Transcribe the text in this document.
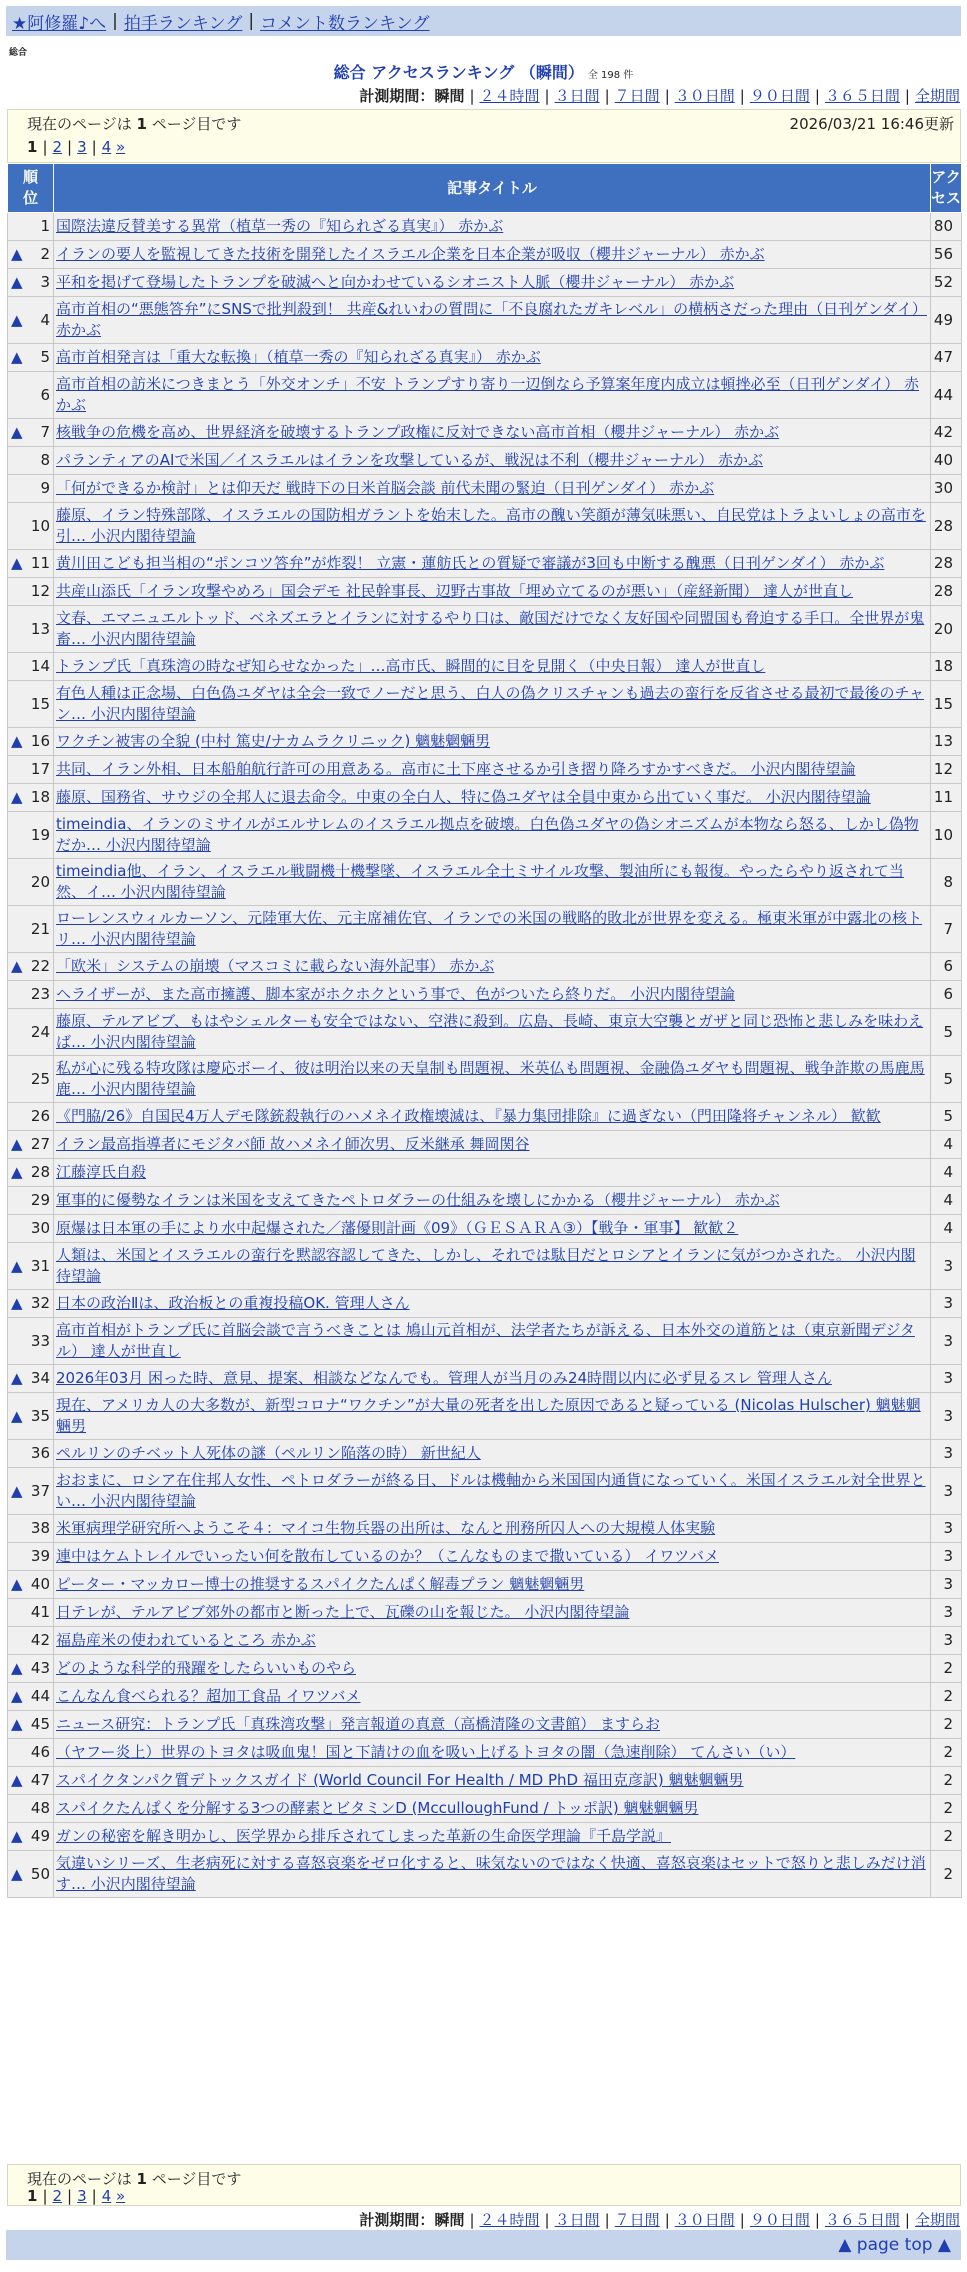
★阿修羅♪へ | 拍手ランキング | コメント数ランキング
総合
総合 アクセスランキング （瞬間） 全 198 件
計測期間：瞬間 | ２４時間 | ３日間 | ７日間 | ３０日間 | ９０日間 | ３６５日間 | 全期間
現在のページは 1 ページ目です	2026/03/21 16:46更新
1 | 2 | 3 | 4 »
順位	記事タイトル	アクセス
1	国際法違反賛美する異常（植草一秀の『知られざる真実』） 赤かぶ	80

▲ 2	イランの要人を監視してきた技術を開発したイスラエル企業を日本企業が吸収（櫻井ジャーナル） 赤かぶ	56

▲ 3	平和を掲げて登場したトランプを破滅へと向かわせているシオニスト人脈（櫻井ジャーナル） 赤かぶ	52

▲ 4	高市首相の“悪態答弁”にSNSで批判殺到！ 共産&れいわの質問に「不良腐れたガキレベル」の横柄さだった理由（日刊ゲンダイ） 赤かぶ	49

▲ 5	高市首相発言は「重大な転換」（植草一秀の『知られざる真実』） 赤かぶ	47
6	高市首相の訪米につきまとう「外交オンチ」不安 トランプすり寄り一辺倒なら予算案年度内成立は頓挫必至（日刊ゲンダイ） 赤かぶ	44

▲ 7	核戦争の危機を高め、世界経済を破壊するトランプ政権に反対できない高市首相（櫻井ジャーナル） 赤かぶ	42
8	パランティアのAIで米国／イスラエルはイランを攻撃しているが、戦況は不利（櫻井ジャーナル） 赤かぶ	40
9	「何ができるか検討」とは仰天だ 戦時下の日米首脳会談 前代未聞の緊迫（日刊ゲンダイ） 赤かぶ	30
10	藤原、イラン特殊部隊、イスラエルの国防相ガラントを始末した。高市の醜い笑顔が薄気味悪い、自民党はトラよいしょの高市を引… 小沢内閣待望論	28

▲ 11	黄川田こども担当相の“ポンコツ答弁”が炸裂！ 立憲・蓮舫氏との質疑で審議が3回も中断する醜悪（日刊ゲンダイ） 赤かぶ	28
12	共産山添氏「イラン攻撃やめろ」国会デモ 社民幹事長、辺野古事故「埋め立てるのが悪い」（産経新聞） 達人が世直し	28
13	文春、エマニュエルトッド、ベネズエラとイランに対するやり口は、敵国だけでなく友好国や同盟国も脅迫する手口。全世界が鬼畜… 小沢内閣待望論	20
14	トランプ氏「真珠湾の時なぜ知らせなかった」…高市氏、瞬間的に目を見開く（中央日報） 達人が世直し	18
15	有色人種は正念場、白色偽ユダヤは全会一致でノーだと思う、白人の偽クリスチャンも過去の蛮行を反省させる最初で最後のチャン… 小沢内閣待望論	15

▲ 16	ワクチン被害の全貌 (中村 篤史/ナカムラクリニック) 魑魅魍魎男	13
17	共同、イラン外相、日本船舶航行許可の用意ある。高市に土下座させるか引き摺り降ろすかすべきだ。 小沢内閣待望論	12

▲ 18	藤原、国務省、サウジの全邦人に退去命令。中東の全白人、特に偽ユダヤは全員中東から出ていく事だ。 小沢内閣待望論	11
19	timeindia、イランのミサイルがエルサレムのイスラエル拠点を破壊。白色偽ユダヤの偽シオニズムが本物なら怒る、しかし偽物だか… 小沢内閣待望論	10
20	timeindia他、イラン、イスラエル戦闘機十機撃墜、イスラエル全土ミサイル攻撃、製油所にも報復。やったらやり返されて当然、イ… 小沢内閣待望論	8
21	ローレンスウィルカーソン、元陸軍大佐、元主席補佐官、イランでの米国の戦略的敗北が世界を変える。極東米軍が中露北の核トリ… 小沢内閣待望論	7

▲ 22	「欧米」システムの崩壊（マスコミに載らない海外記事） 赤かぶ	6
23	ヘライザーが、また高市擁護、脚本家がホクホクという事で、色がついたら終りだ。 小沢内閣待望論	6
24	藤原、テルアビブ、もはやシェルターも安全ではない、空港に殺到。広島、長崎、東京大空襲とガザと同じ恐怖と悲しみを味わえば… 小沢内閣待望論	5
25	私が心に残る特攻隊は慶応ボーイ、彼は明治以来の天皇制も問題視、米英仏も問題視、金融偽ユダヤも問題視、戦争詐欺の馬鹿馬鹿… 小沢内閣待望論	5
26	《門脇/26》自国民4万人デモ隊銃殺執行のハメネイ政権壊滅は、『暴力集団排除』に過ぎない（門田隆将チャンネル） 歓歓	5

▲ 27	イラン最高指導者にモジタバ師 故ハメネイ師次男、反米継承 舞岡関谷	4

▲ 28	江藤淳氏自殺	4
29	軍事的に優勢なイランは米国を支えてきたペトロダラーの仕組みを壊しにかかる（櫻井ジャーナル） 赤かぶ	4
30	原爆は日本軍の手により水中起爆された／藩優則計画《09》（ＧＥＳＡＲＡ③）【戦争・軍事】 歓歓２	4

▲ 31	人類は、米国とイスラエルの蛮行を黙認容認してきた、しかし、それでは駄目だとロシアとイランに気がつかされた。 小沢内閣待望論	3

▲ 32	日本の政治Ⅱは、政治板との重複投稿OK. 管理人さん	3
33	高市首相がトランプ氏に首脳会談で言うべきことは 鳩山元首相が、法学者たちが訴える、日本外交の道筋とは（東京新聞デジタル） 達人が世直し	3

▲ 34	2026年03月 困った時、意見、提案、相談などなんでも。管理人が当月のみ24時間以内に必ず見るスレ 管理人さん	3

▲ 35	現在、アメリカ人の大多数が、新型コロナ“ワクチン”が大量の死者を出した原因であると疑っている (Nicolas Hulscher) 魑魅魍魎男	3
36	ペルリンのチベット人死体の謎（ペルリン陥落の時） 新世紀人	3

▲ 37	おおまに、ロシア在住邦人女性、ペトロダラーが終る日、ドルは機軸から米国国内通貨になっていく。米国イスラエル対全世界とい… 小沢内閣待望論	3
38	米軍病理学研究所へようこそ４：マイコ生物兵器の出所は、なんと刑務所囚人への大規模人体実験	3
39	連中はケムトレイルでいったい何を散布しているのか？（こんなものまで撒いている） イワツバメ	3

▲ 40	ピーター・マッカロー博士の推奨するスパイクたんぱく解毒プラン 魑魅魍魎男	3
41	日テレが、テルアビブ郊外の都市と断った上で、瓦礫の山を報じた。 小沢内閣待望論	3
42	福島産米の使われているところ 赤かぶ	3

▲ 43	どのような科学的飛躍をしたらいいものやら	2

▲ 44	こんなん食べられる？超加工食品 イワツバメ	2

▲ 45	ニュース研究：トランプ氏「真珠湾攻撃」発言報道の真意（高橋清隆の文書館） ますらお	2
46	（ヤフー炎上）世界のトヨタは吸血鬼！国と下請けの血を吸い上げるトヨタの闇（急速削除） てんさい（い）	2

▲ 47	スパイクタンパク質デトックスガイド (World Council For Health / MD PhD 福田克彦訳) 魑魅魍魎男	2
48	スパイクたんぱくを分解する3つの酵素とビタミンD (McculloughFund / トッポ訳) 魑魅魍魎男	2

▲ 49	ガンの秘密を解き明かし、医学界から排斥されてしまった革新の生命医学理論『千島学説』	2

▲ 50	気違いシリーズ、生老病死に対する喜怒哀楽をゼロ化すると、味気ないのではなく快適、喜怒哀楽はセットで怒りと悲しみだけ消す… 小沢内閣待望論	2
現在のページは 1 ページ目です
1 | 2 | 3 | 4 »
計測期間：瞬間 | ２４時間 | ３日間 | ７日間 | ３０日間 | ９０日間 | ３６５日間 | 全期間
▲ page top ▲
